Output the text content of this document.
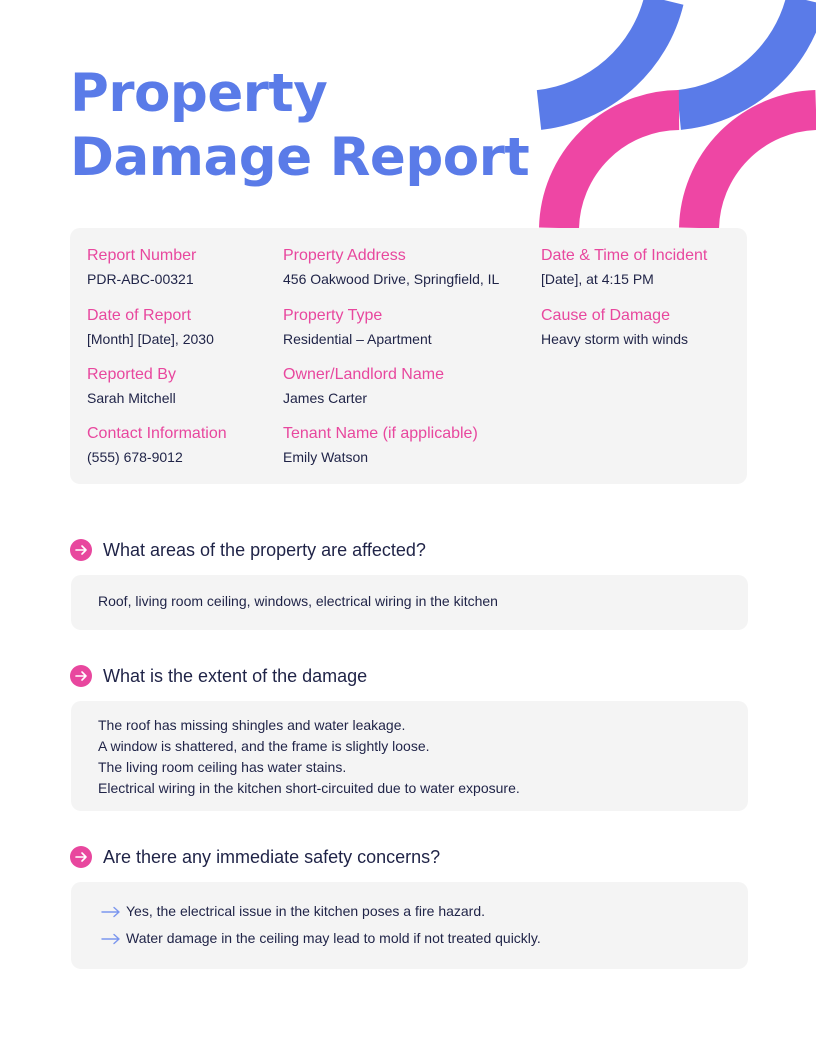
Property
Damage Report
Report Number
PDR-ABC-00321
Date of Report
[Month] [Date], 2030
Reported By
Sarah Mitchell
Contact Information
(555) 678-9012
Property Address
456 Oakwood Drive, Springfield, IL
Property Type
Residential – Apartment
Owner/Landlord Name
James Carter
Tenant Name (if applicable)
Emily Watson
Date & Time of Incident
[Date], at 4:15 PM
Cause of Damage
Heavy storm with winds
What areas of the property are affected?
Roof, living room ceiling, windows, electrical wiring in the kitchen
What is the extent of the damage
The roof has missing shingles and water leakage.
A window is shattered, and the frame is slightly loose.
The living room ceiling has water stains.
Electrical wiring in the kitchen short-circuited due to water exposure.
Are there any immediate safety concerns?
Yes, the electrical issue in the kitchen poses a fire hazard.
Water damage in the ceiling may lead to mold if not treated quickly.
